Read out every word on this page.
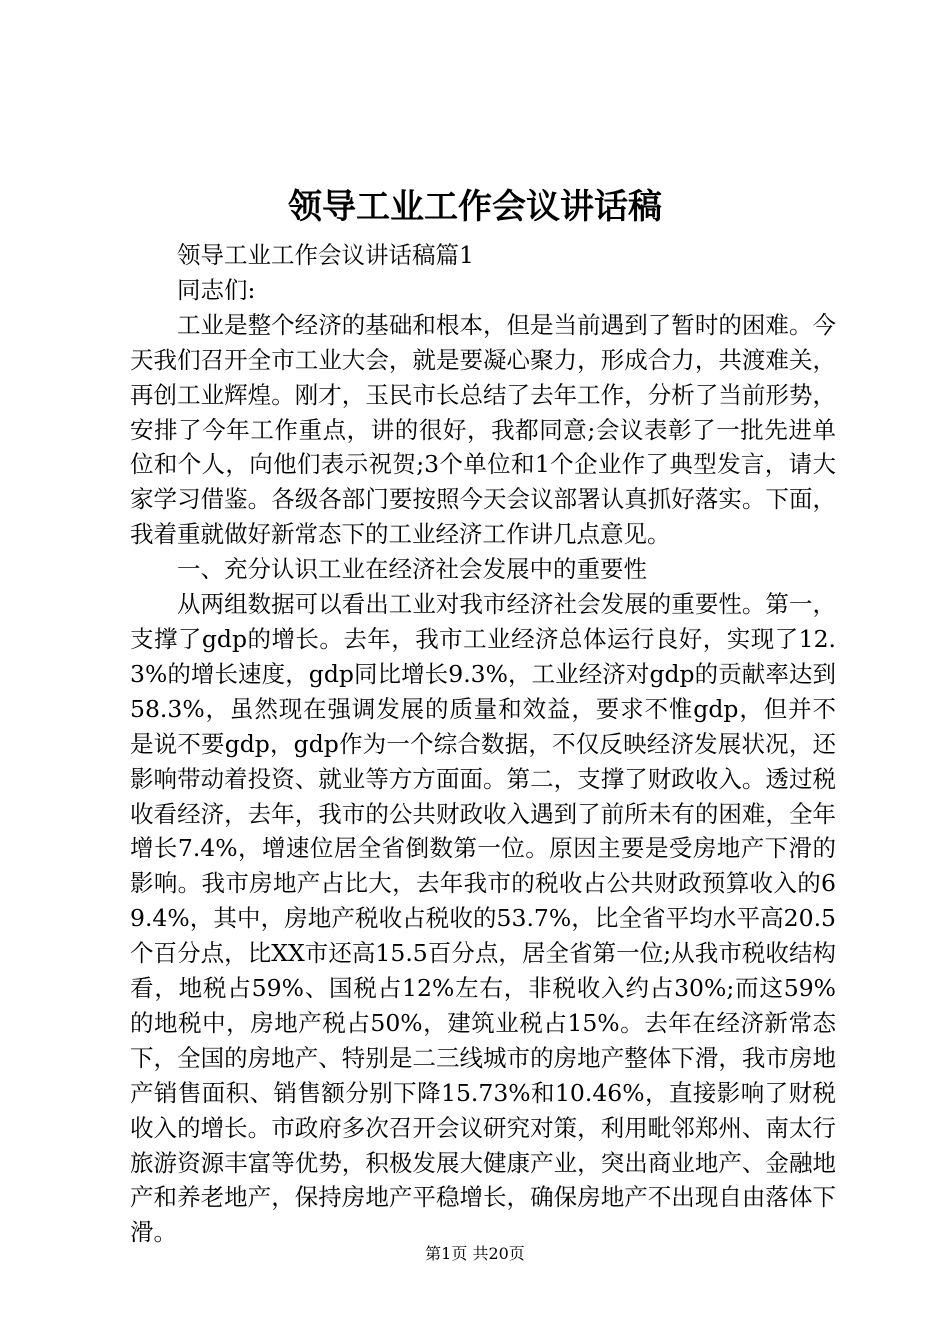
领导工业工作会议讲话稿

领导工业工作会议讲话稿篇1

同志们:

工业是整个经济的基础和根本，但是当前遇到了暂时的困难。今天我们召开全市工业大会，就是要凝心聚力，形成合力，共渡难关，再创工业辉煌。刚才，玉民市长总结了去年工作，分析了当前形势，安排了今年工作重点，讲的很好，我都同意;会议表彰了一批先进单位和个人，向他们表示祝贺;3个单位和1个企业作了典型发言，请大家学习借鉴。各级各部门要按照今天会议部署认真抓好落实。下面，我着重就做好新常态下的工业经济工作讲几点意见。

一、充分认识工业在经济社会发展中的重要性

从两组数据可以看出工业对我市经济社会发展的重要性。第一，支撑了gdp的增长。去年，我市工业经济总体运行良好，实现了12.3%的增长速度，gdp同比增长9.3%，工业经济对gdp的贡献率达到58.3%，虽然现在强调发展的质量和效益，要求不惟gdp，但并不是说不要gdp，gdp作为一个综合数据，不仅反映经济发展状况，还影响带动着投资、就业等方方面面。第二，支撑了财政收入。透过税收看经济，去年，我市的公共财政收入遇到了前所未有的困难，全年增长7.4%，增速位居全省倒数第一位。原因主要是受房地产下滑的影响。我市房地产占比大，去年我市的税收占公共财政预算收入的69.4%，其中，房地产税收占税收的53.7%，比全省平均水平高20.5个百分点，比XX市还高15.5百分点，居全省第一位;从我市税收结构看，地税占59%、国税占12%左右，非税收入约占30%;而这59%的地税中，房地产税占50%，建筑业税占15%。去年在经济新常态下，全国的房地产、特别是二三线城市的房地产整体下滑，我市房地产销售面积、销售额分别下降15.73%和10.46%，直接影响了财税收入的增长。市政府多次召开会议研究对策，利用毗邻郑州、南太行旅游资源丰富等优势，积极发展大健康产业，突出商业地产、金融地产和养老地产，保持房地产平稳增长，确保房地产不出现自由落体下滑。

第1页 共20页
